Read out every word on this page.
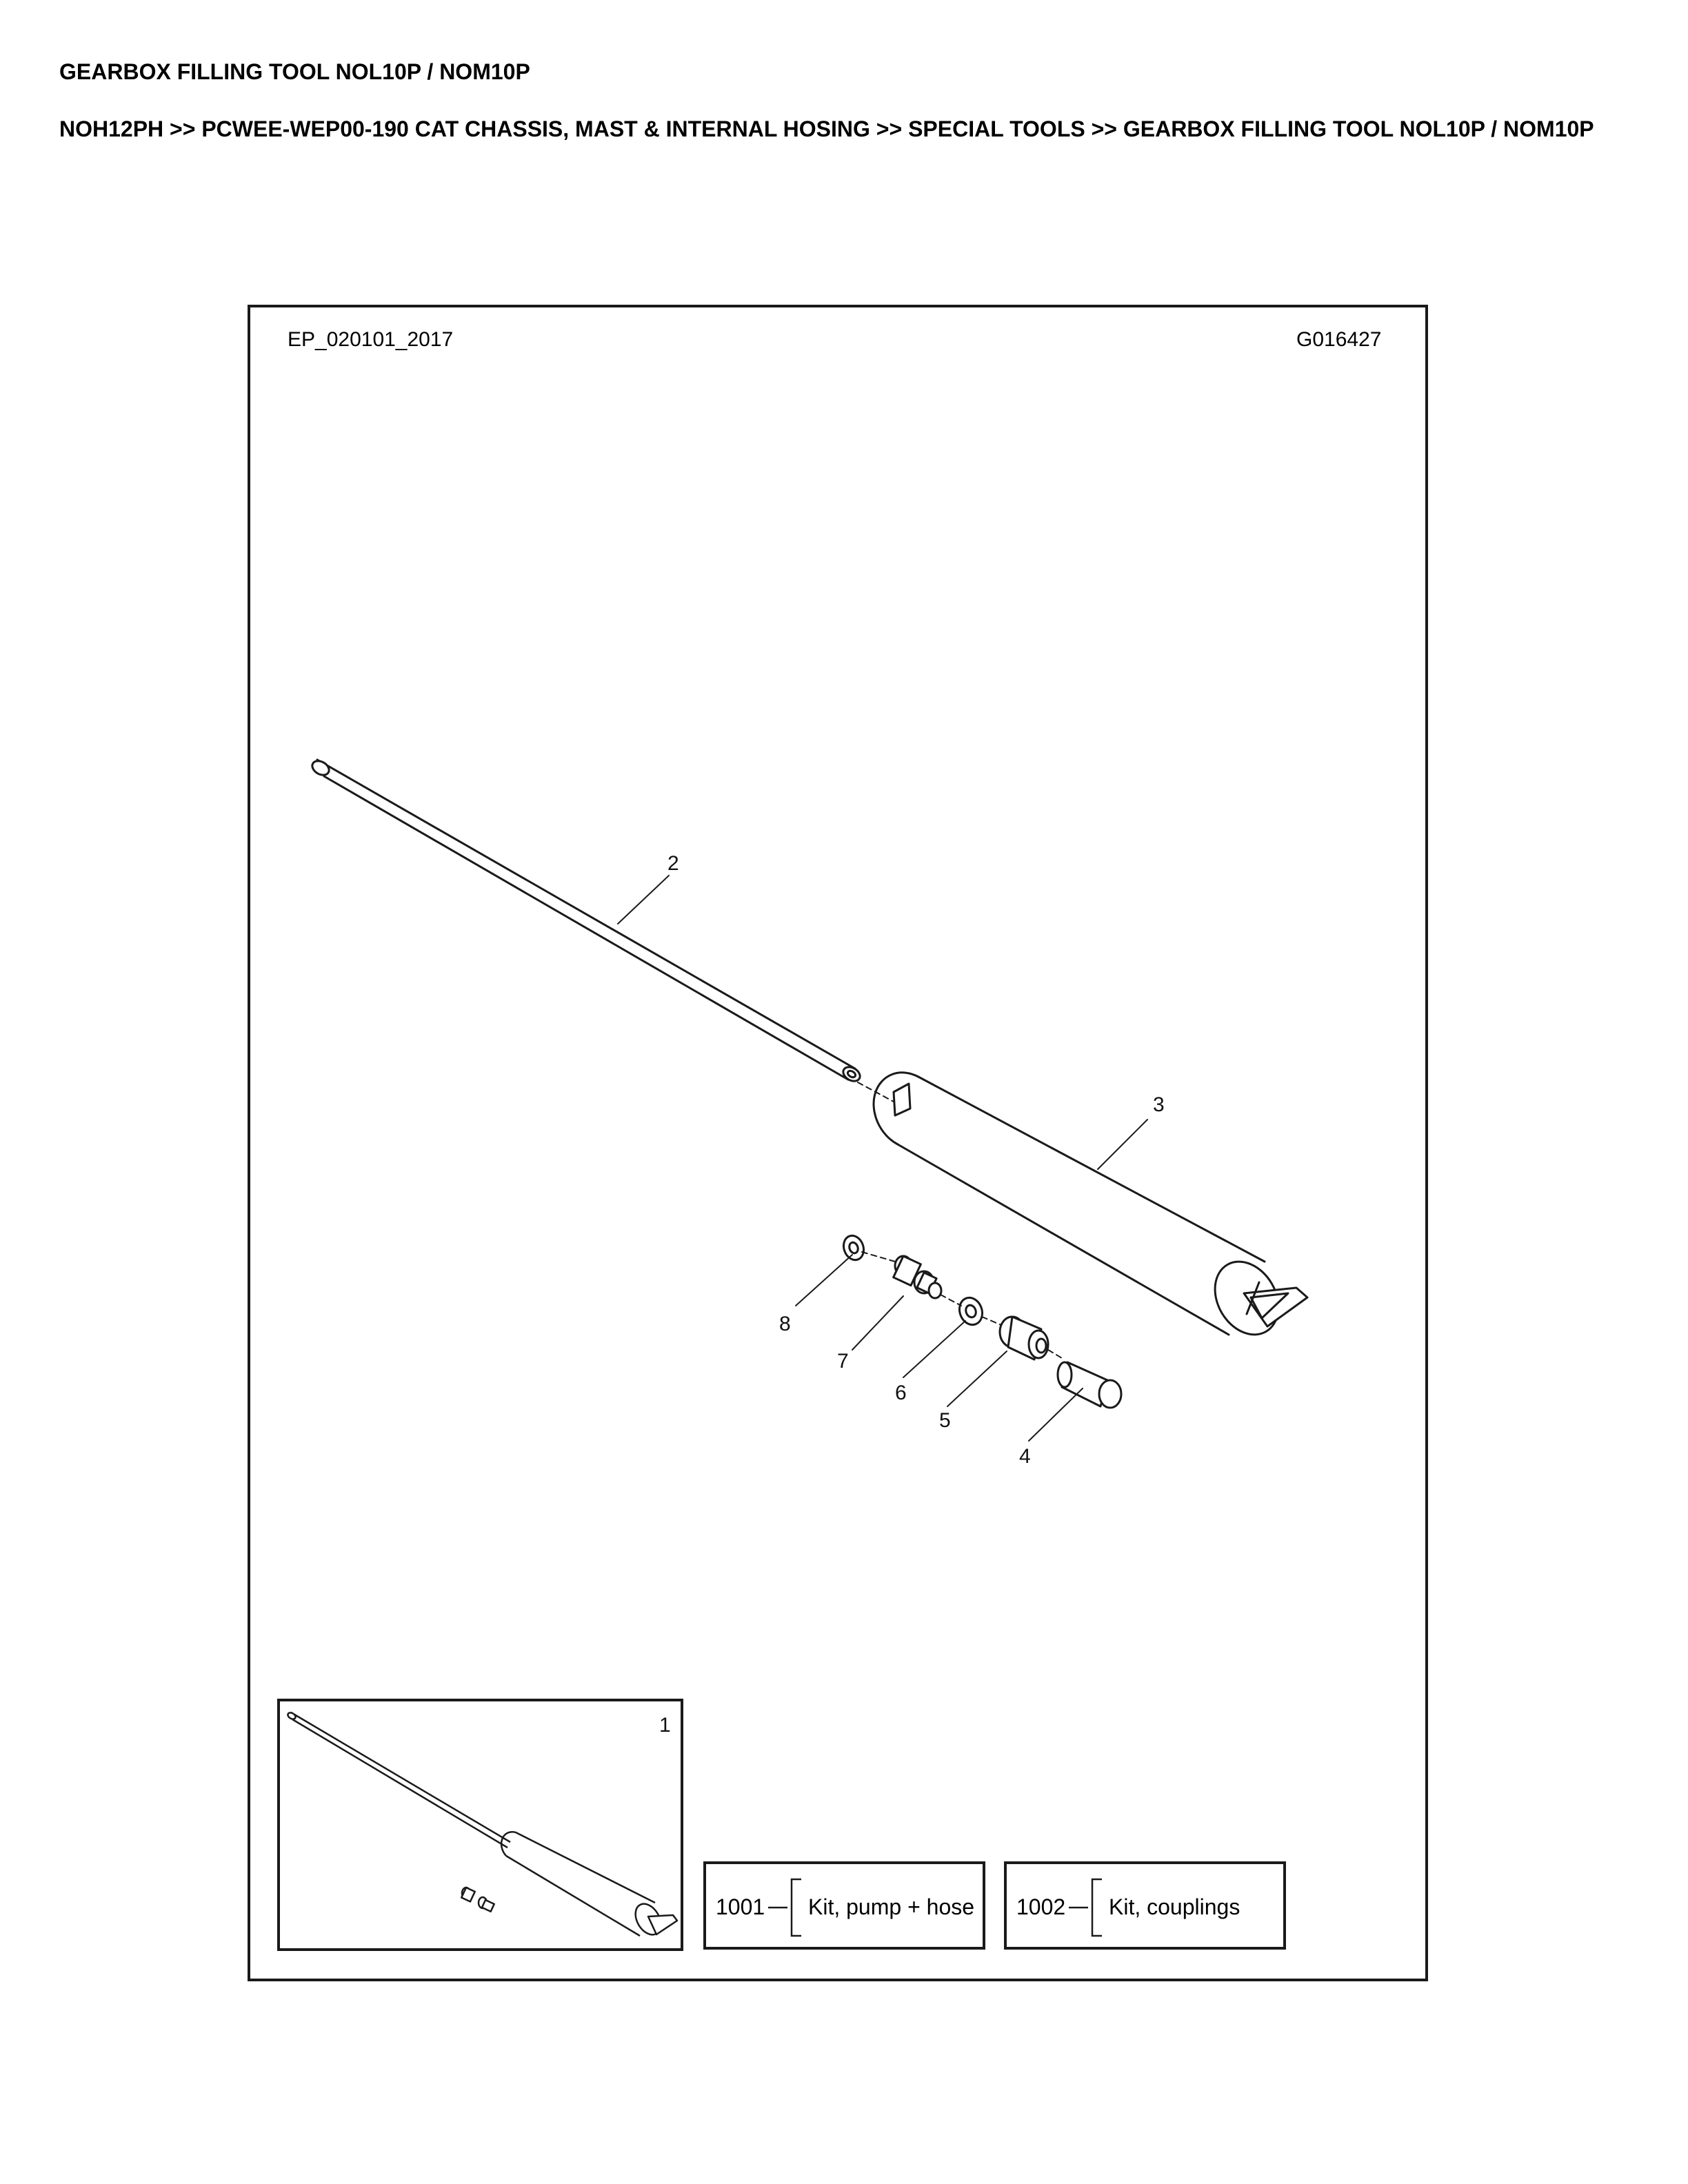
GEARBOX FILLING TOOL NOL10P / NOM10P

NOH12PH >> PCWEE-WEP00-190 CAT CHASSIS, MAST & INTERNAL HOSING >> SPECIAL TOOLS >> GEARBOX FILLING TOOL NOL10P / NOM10P

EP_020101_2017	G016427
2
3
8
7
6
5
4
1
1001 Kit, pump + hose 1002 Kit, couplings
